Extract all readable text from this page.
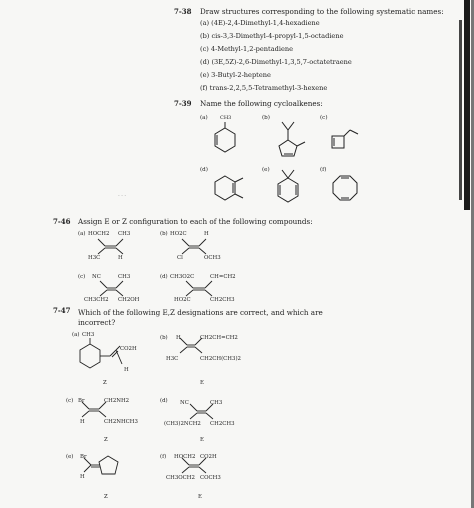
7-38 Draw structures corresponding to the following systematic names:
(a) (4E)-2,4-Dimethyl-1,4-hexadiene
(b) cis-3,3-Dimethyl-4-propyl-1,5-octadiene
(c) 4-Methyl-1,2-pentadiene
(d) (3E,5Z)-2,6-Dimethyl-1,3,5,7-octatetraene
(e) 3-Butyl-2-heptene
(f) trans-2,2,5,5-Tetramethyl-3-hexene
7-39 Name the following cycloalkenes:
(a) CH3	(b)	(c)
(d)	(e)	(f)
- - -
7-46 Assign E or Z configuration to each of the following compounds:
(a) HOCH2 CH3
H3C	H
(b) HO2C	H
Cl	OCH3
(c) NC	CH3
CH3CH2 CH2OH
(d) CH3O2C	CH=CH2
HO2C	CH2CH3
7-47 Which of the following E,Z designations are correct, and which are
incorrect?
(a) CH3
CO2H
H
Z
(b) H	CH2CH=CH2
H3C	CH2CH(CH3)2
E
(c) Br	CH2NH2
H	CH2NHCH3
Z
(d) NC	CH3
(CH3)2NCH2 CH2CH3
E
(e) Br
H
Z
(f) HOCH2 CO2H
CH3OCH2 COCH3
E
